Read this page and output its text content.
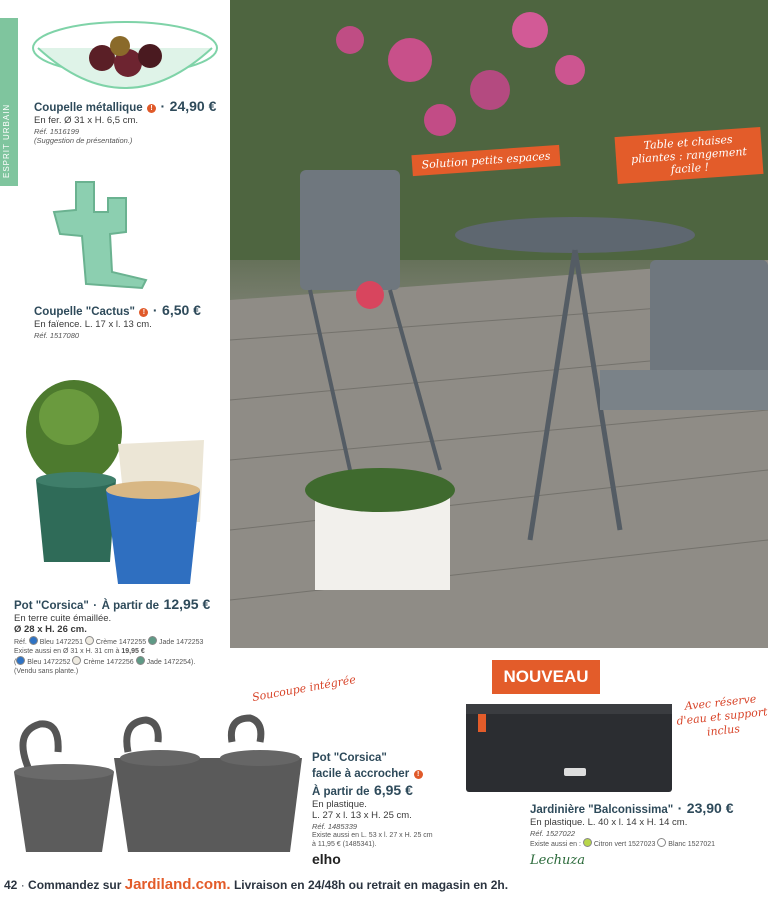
ESPRIT URBAIN Coupelle métallique ! · 24,90 €
En fer. Ø 31 x H. 6,5 cm.
Réf. 1516199
(Suggestion de présentation.)
Coupelle "Cactus" ! · 6,50 €
En faïence. L. 17 x l. 13 cm.
Réf. 1517080
Pot "Corsica" · À partir de 12,95 €
En terre cuite émaillée.
Ø 28 x H. 26 cm.
Réf. Bleu 1472251 Crème 1472255 Jade 1472253
Existe aussi en Ø 31 x H. 31 cm à 19,95 €
( Bleu 1472252 Crème 1472256 Jade 1472254).
(Vendu sans plante.)
Solution petits espaces
Table et chaises pliantes : rangement facile !
Soucoupe intégrée
Pot "Corsica"
facile à accrocher !
À partir de 6,95 €
En plastique.
L. 27 x l. 13 x H. 25 cm.
Réf. 1485339
Existe aussi en L. 53 x l. 27 x H. 25 cm
à 11,95 € (1485341).
elho
NOUVEAU
Avec réserve d'eau et support inclus
Jardinière "Balconissima" · 23,90 €
En plastique. L. 40 x l. 14 x H. 14 cm.
Réf. 1527022
Existe aussi en : Citron vert 1527023 Blanc 1527021
Lechuza
42 · Commandez sur Jardiland.com. Livraison en 24/48h ou retrait en magasin en 2h.
